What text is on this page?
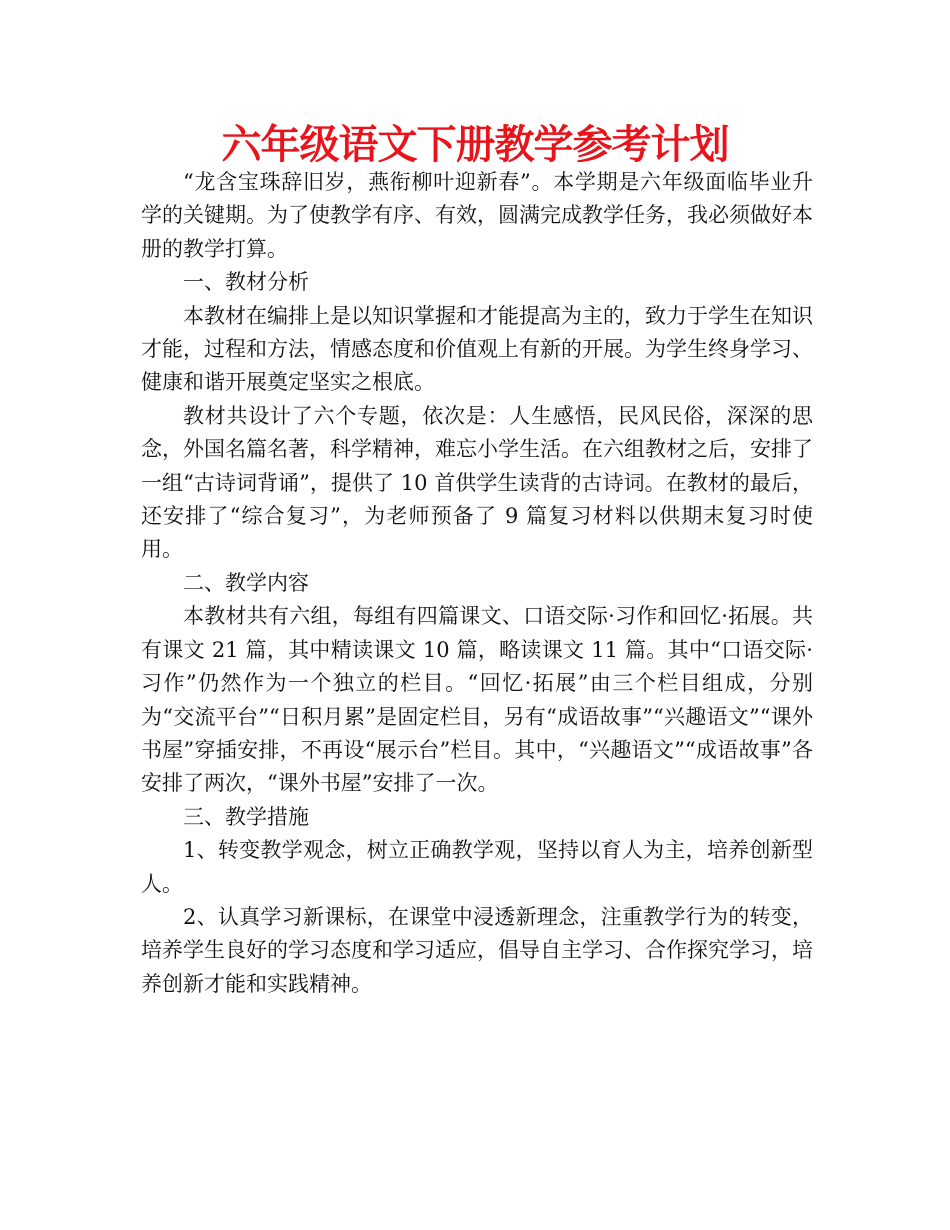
六年级语文下册教学参考计划

“龙含宝珠辞旧岁，燕衔柳叶迎新春”。本学期是六年级面临毕业升学的关键期。为了使教学有序、有效，圆满完成教学任务，我必须做好本册的教学打算。

一、教材分析

本教材在编排上是以知识掌握和才能提高为主的，致力于学生在知识才能，过程和方法，情感态度和价值观上有新的开展。为学生终身学习、健康和谐开展奠定坚实之根底。

教材共设计了六个专题，依次是：人生感悟，民风民俗，深深的思念，外国名篇名著，科学精神，难忘小学生活。在六组教材之后，安排了一组“古诗词背诵”，提供了 10 首供学生读背的古诗词。在教材的最后，还安排了“综合复习”，为老师预备了 9 篇复习材料以供期末复习时使用。

二、教学内容

本教材共有六组，每组有四篇课文、口语交际·习作和回忆·拓展。共有课文 21 篇，其中精读课文 10 篇，略读课文 11 篇。其中“口语交际·习作”仍然作为一个独立的栏目。“回忆·拓展”由三个栏目组成，分别为“交流平台”“日积月累”是固定栏目，另有“成语故事”“兴趣语文”“课外书屋”穿插安排，不再设“展示台”栏目。其中，“兴趣语文”“成语故事”各安排了两次，“课外书屋”安排了一次。

三、教学措施

1、转变教学观念，树立正确教学观，坚持以育人为主，培养创新型人。

2、认真学习新课标，在课堂中浸透新理念，注重教学行为的转变，培养学生良好的学习态度和学习适应，倡导自主学习、合作探究学习，培养创新才能和实践精神。
